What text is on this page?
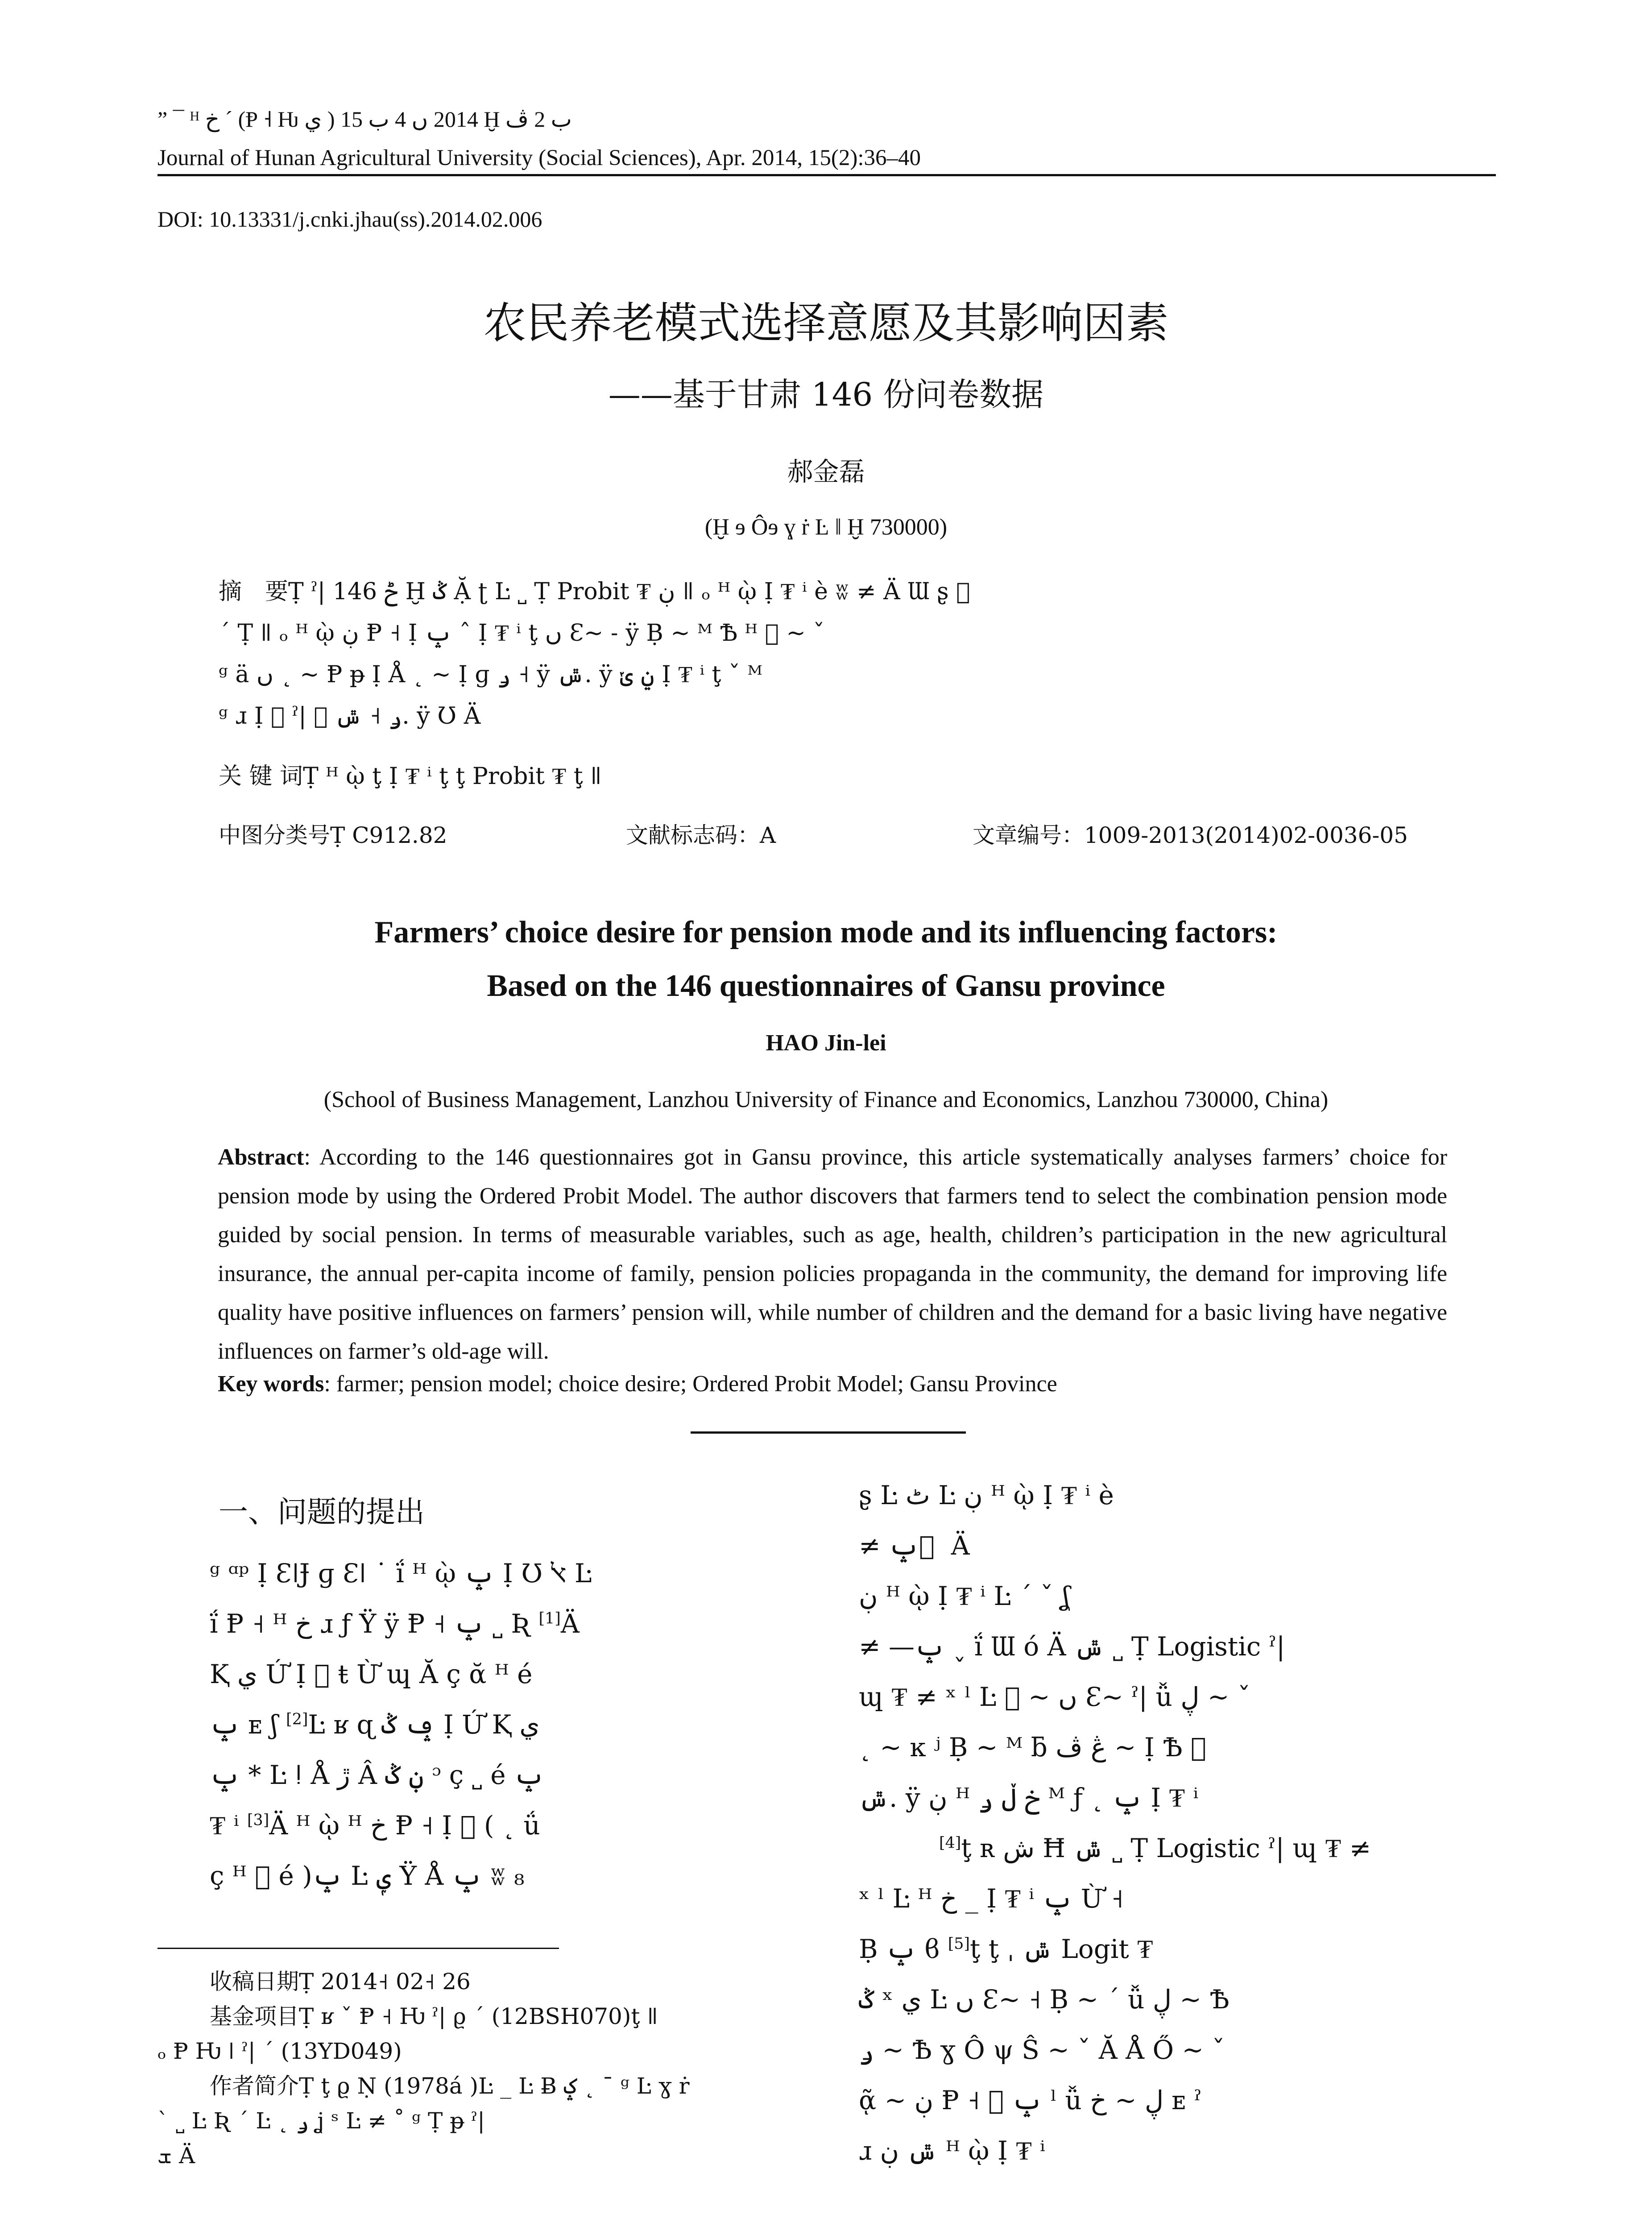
” ¯ ᴴ خ ˊ (Ᵽ ˧ Ƕ ي ) 2014 ں 4 ب 15 Ḫ ب 2 ﭪ
Journal of Hunan Agricultural University (Social Sciences), Apr. 2014, 15(2):36–40
DOI: 10.13331/j.cnki.jhau(ss).2014.02.006
农民养老模式选择意愿及其影响因素
——基于甘肃 146 份问卷数据
郝金磊
(Ḫ ɘ Ôɘ ɣ ṙ Ŀ ǁ Ḫ 730000)
摘　要Ṭ ˀ| 146 ݲ Ḫ ݣ Ặ ʈ Ŀ ˽ Ṭ Probit ₮ ڹ ǁ ₒ ᴴ ῲ Ị ₮ ⁱ è ʬ ≠ Ä Ɯ ʂ ⃞
ˊ Ṭ ǁ ₒ ᴴ ῲ ڹ Ᵽ ˧ Ị ݒ ˆ Ị ₮ ⁱ ţ ں Ɛ~ ˗ ÿ Ḅ ~ ᴹ Ѣ ᴴ ⃞ ~ ˇ
ᵍ ä ں ˛ ~ Ᵽ ᵽ Ị Å ˛ ~ Ị ɡ ݛ ˧ ÿ ݜ. ÿ ݧ ݵ Ị ₮ ⁱ ţ ˇ ᴹ
ᵍ ɹ Ị ⃞ ˀ| ⃞ ݛ ˧ ݜ. ÿ Ʊ Ä
关 键 词Ṭ ᴴ ῲ ţ Ị ₮ ⁱ ţ ţ Probit ₮ ţ ǁ
中图分类号Ṭ C912.82	文献标志码：A	文章编号：1009-2013(2014)02-0036-05
Farmers’ choice desire for pension mode and its influencing factors:
Based on the 146 questionnaires of Gansu province
HAO Jin-lei
(School of Business Management, Lanzhou University of Finance and Economics, Lanzhou 730000, China)
Abstract: According to the 146 questionnaires got in Gansu province, this article systematically analyses farmers’ choice for pension mode by using the Ordered Probit Model. The author discovers that farmers tend to select the combination pension mode guided by social pension. In terms of measurable variables, such as age, health, children’s participation in the new agricultural insurance, the annual per-capita income of family, pension policies propaganda in the community, the demand for improving life quality have positive influences on farmers’ pension will, while number of children and the demand for a basic living have negative influences on farmer’s old-age will.
Key words: farmer; pension model; choice desire; Ordered Probit Model; Gansu Province
一、问题的提出
ᵍ ᵅᵖ Ị ƐǀɈ ɡ Ɛǀ ˙ ḯ ᴴ ῲ ݒ Ị Ʊ ﭏ Ŀ
ḯ Ᵽ ˧ ᴴ خ ɹ ƒ Ÿ ÿ Ᵽ ˧ ݒ ˽ Ʀ [1]Ä
Ⱪ ي Ứ Ị ⃞ ŧ Ừ ɰ Ă ç ᾰ ᴴ é
ݒ ᴇ ʃ [2]Ŀ ʁ ɋ ݡ ݣ Ị Ứ Ⱪ ي
ݒ * Ŀ ǃ Å ڙ Â ڹ ݣ ᵓ ç ˽ é ݒ
₮ ⁱ [3]Ä ᴴ ῲ ᴴ خ Ᵽ ˧ Ị ⃞ ( ˛ ǘ
ç ᴴ ⃞ é )ݒ Ŀ ݷ Ÿ Å ݒ ʬ ₈
收稿日期Ṭ 2014˧ 02˧ 26
基金项目Ṭ ʁ ˇ Ᵽ ˧ Ƕ ˀ| ϱ ˊ (12BSH070)ţ ǁ
ₒ Ᵽ Ƕ ǀ ˀ| ˊ (13YD049)
作者简介Ṭ ţ ϱ Ṇ (1978á )Ŀ _ Ŀ Ƀ ݤ ˛ ¯ ᵍ Ŀ ɣ ṙ
ˋ ˽ Ŀ Ʀ ˊ Ŀ ˛ ݛ ʝ ˢ Ŀ ≠ ˚ ᵍ Ṭ ᵽ ˀ|
ܫ Ä
ʂ Ŀ ٹ Ŀ ڹ ᴴ ῲ Ị ₮ ⁱ è
≠ ݒ ⃞ Ä
ڹ ᴴ ῲ Ị ₮ ⁱ Ŀ ˊ ˇ ʆ
≠ —ݒ ˯ ḯ Ɯ ó Ä ݜ ˽ Ṭ Logistic ˀ|
ɰ ₮ ≠ ˣ ˡ Ŀ ⃞ ~ ں Ɛ~ ˀ| ǚ ڸ ~ ˇ
˛ ~ ĸ ʲ Ḅ ~ ᴹ ƃ ڠ ڤ ~ Ị Ѣ ⃞
ݜ. ÿ ڹ ᴴ خ ڵ ݛ ᴹ ƒ ˛ ݒ Ị ₮ ⁱ
[4]ţ ʀ ش Ħ ݜ ˽ Ṭ Logistic ˀ| ɰ ₮ ≠
ˣ ˡ Ŀ ᴴ خ _ Ị ₮ ⁱ ݒ Ừ ˧
Ḅ ݒ ϐ [5]ţ ţ ˌ ݜ Logit ₮
ݣ ˣ ي Ŀ ں Ɛ~ ˧ Ḅ ~ ˊ ǚ ڸ ~ Ѣ
ݛ ~ Ѣ ɣ Ô ψ Ŝ ~ ˇ Ă Å Ő ~ ˇ
ᾷ ~ ڹ Ᵽ ˧ ⃞ ݒ ˡ ǚ ڸ ~ خ ᴇ ˀ
ɹ ݜ ڹ ᴴ ῲ Ị ₮ ⁱ
